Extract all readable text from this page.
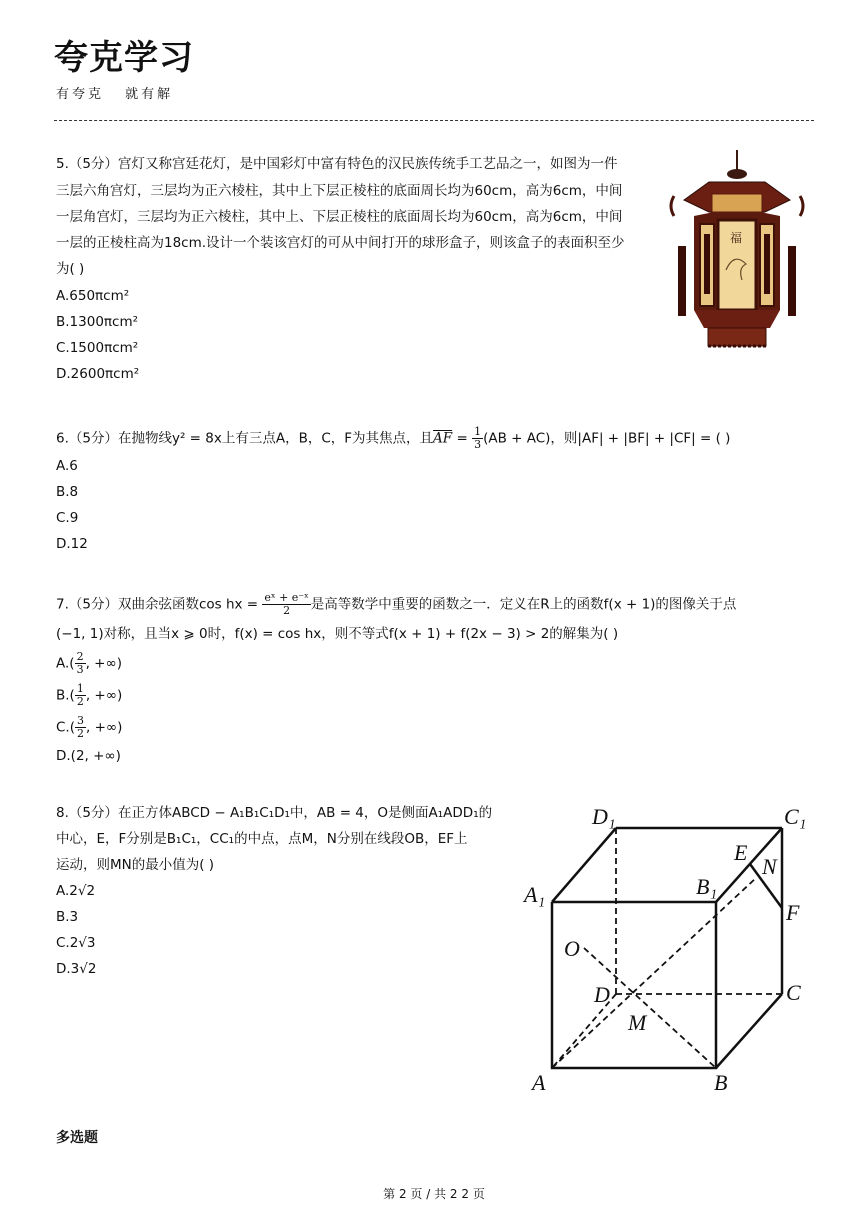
夸克学习
有夸克 就有解
5.（5分）宫灯又称宫廷花灯，是中国彩灯中富有特色的汉民族传统手工艺品之一，如图为一件
三层六角宫灯，三层均为正六棱柱，其中上下层正棱柱的底面周长均为60cm，高为6cm，中间
一层角宫灯，三层均为正六棱柱，其中上、下层正棱柱的底面周长均为60cm，高为6cm，中间
一层的正棱柱高为18cm.设计一个装该宫灯的可从中间打开的球形盒子，则该盒子的表面积至少
为( )
A.650πcm²
B.1300πcm²
C.1500πcm²
D.2600πcm²
福
6.（5分）在抛物线y² = 8x上有三点A，B，C，F为其焦点，且$\overline{AF} = \frac{1}{3} (AB + AC)$，则|AF| + |BF| + |CF| = ( )
A.6
B.8
C.9
D.12
7.（5分）双曲余弦函数cos hx = $\frac{\text{eˣ + e⁻ˣ}}{2}$ 是高等数学中重要的函数之一．定义在R上的函数f(x + 1)的图像关于点
(−1, 1)对称，且当x ⩾ 0时，f(x) = cos hx，则不等式f(x + 1) + f(2x − 3) > 2的解集为( )
$A.( \frac{2}{3}$ , +∞)
$B.( \frac{1}{2}$ , +∞)
$C.( \frac{3}{2}$ , +∞)
D.(2, +∞)
8.（5分）在正方体ABCD − A₁B₁C₁D₁中，AB = 4，O是侧面A₁ADD₁的
中心，E，F分别是B₁C₁，CC₁的中点，点M，N分别在线段OB，EF上
运动，则MN的最小值为( )
A.2√2
B.3
C.2√3
D.3√2
D₁	C₁
A₁	B₁
E
N
F
O
D	C
M
A	B
多选题
第 2 页 / 共 2 2 页
